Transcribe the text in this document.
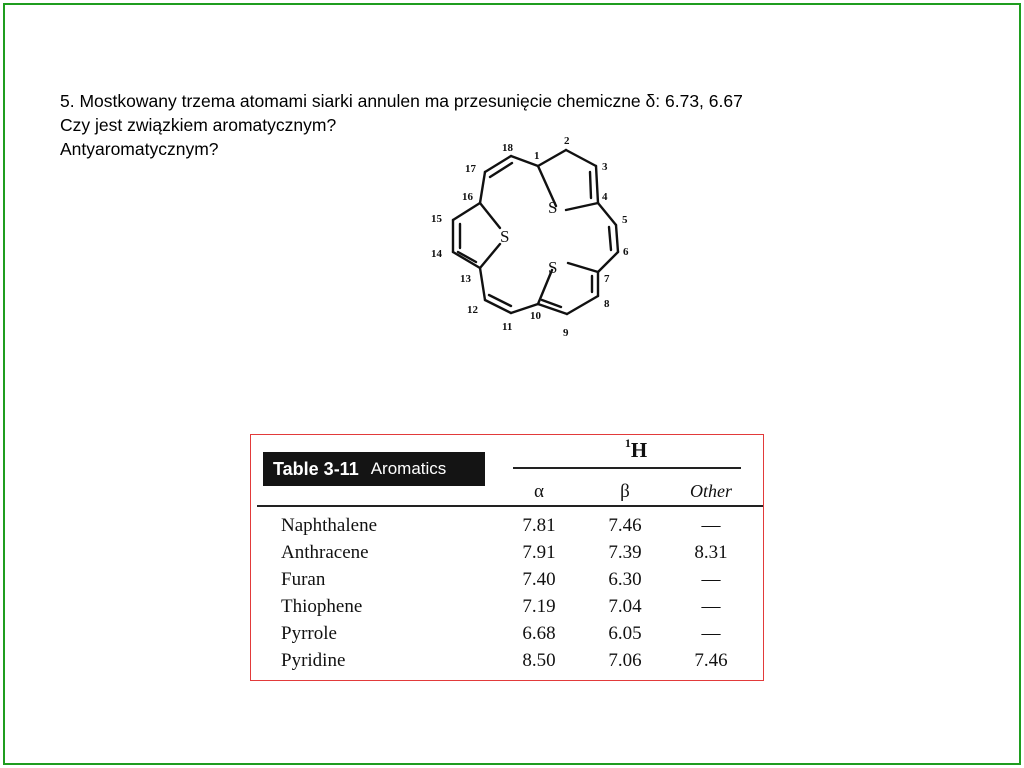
5. Mostkowany trzema atomami siarki annulen ma przesunięcie chemiczne δ: 6.73, 6.67
Czy jest związkiem aromatycznym?
Antyaromatycznym?
S
S
S
1
2
3
4
5
6
7
8
9
10
11
12
13
14
15
16
17
18
Table 3-11 Aromatics
$^1$H
α	β	Other
Naphthalene	7.81	7.46	—
Anthracene	7.91	7.39	8.31
Furan	7.40	6.30	—
Thiophene	7.19	7.04	—
Pyrrole	6.68	6.05	—
Pyridine	8.50	7.06	7.46
